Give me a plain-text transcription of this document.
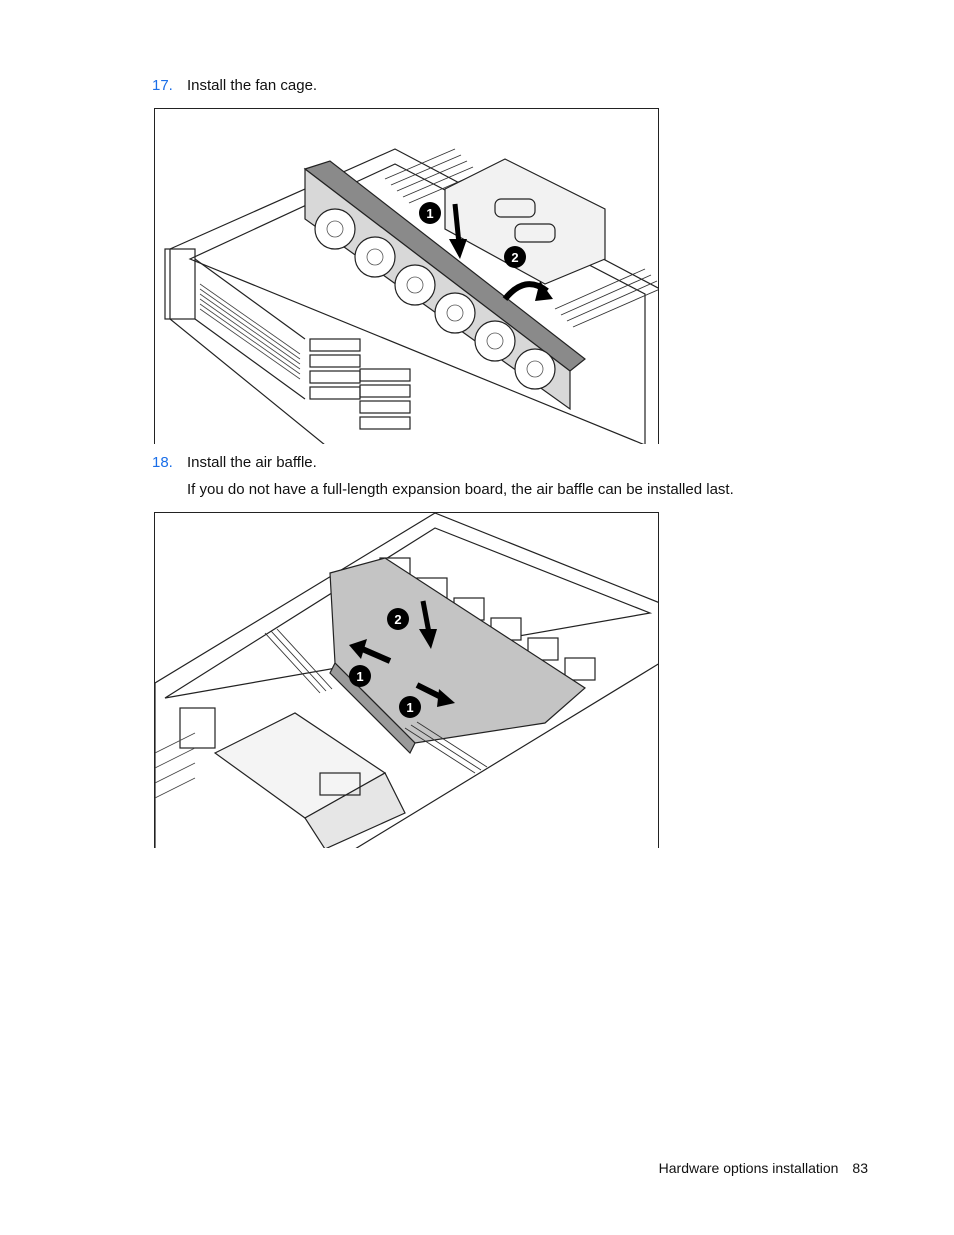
17. Install the fan cage.
1
2
18. Install the air baffle.
If you do not have a full-length expansion board, the air baffle can be installed last.
2
1
1
Hardware options installation 83
